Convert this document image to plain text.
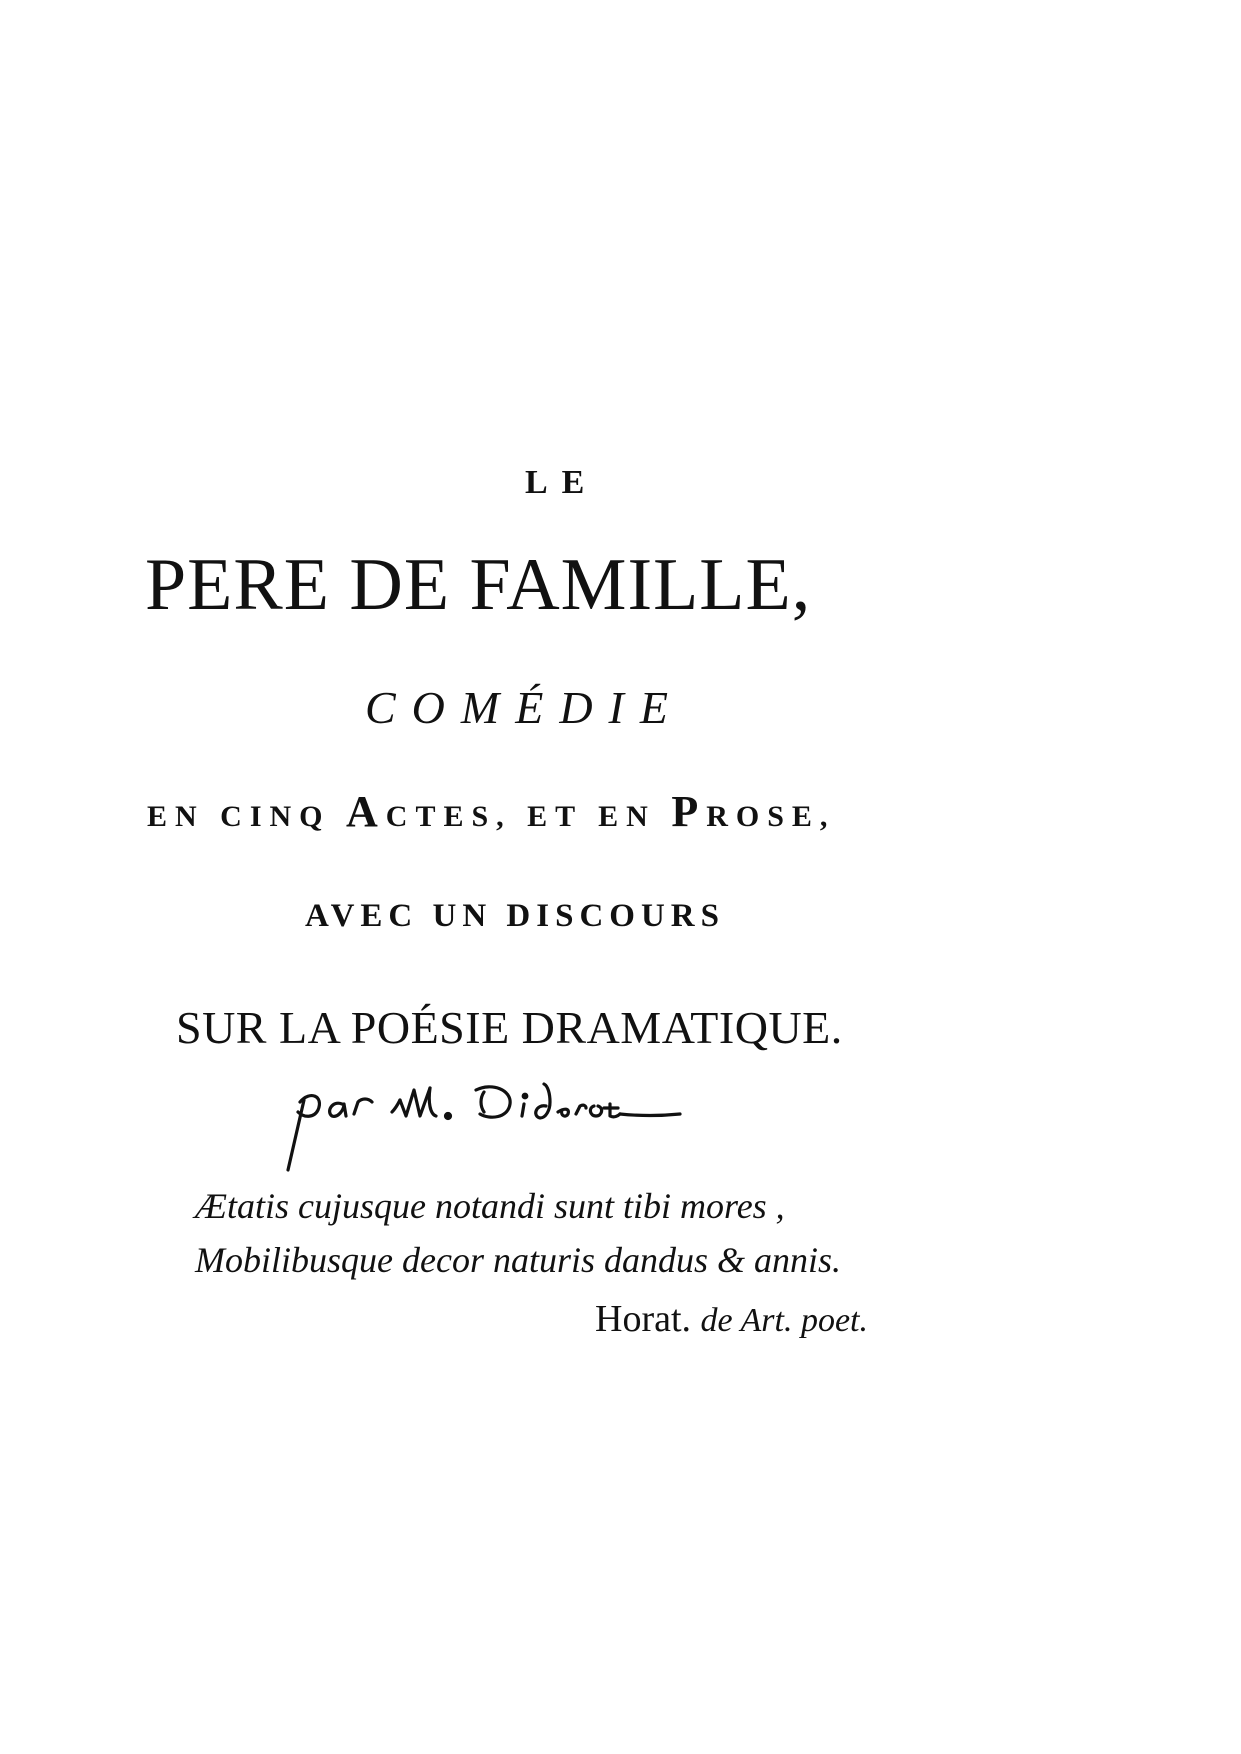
LE
PERE DE FAMILLE,
COMÉDIE
EN CINQ ACTES, ET EN PROSE,
AVEC UN DISCOURS
SUR LA POÉSIE DRAMATIQUE.
Ætatis cujusque notandi sunt tibi mores ,
Mobilibusque decor naturis dandus & annis.
Horat. de Art. poet.
